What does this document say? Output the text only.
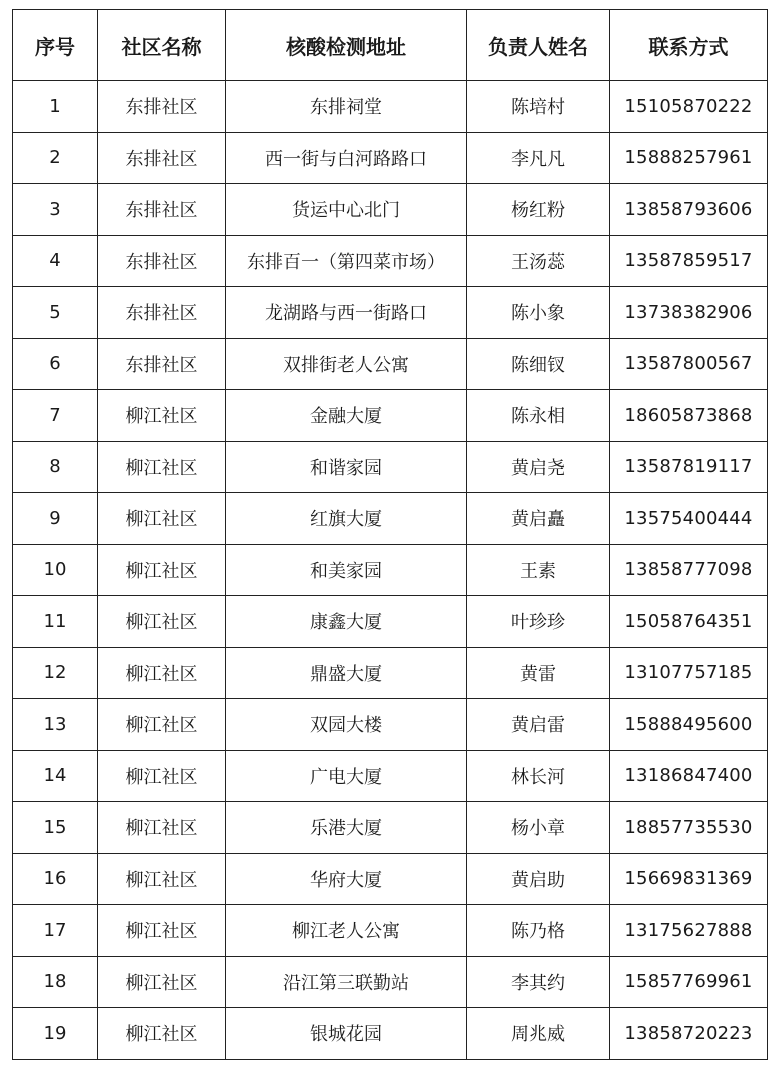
序号	社区名称	核酸检测地址	负责人姓名	联系方式
1	东排社区	东排祠堂	陈培村	15105870222
2	东排社区	西一街与白河路路口	李凡凡	15888257961
3	东排社区	货运中心北门	杨红粉	13858793606
4	东排社区	东排百一（第四菜市场）	王汤蕊	13587859517
5	东排社区	龙湖路与西一街路口	陈小象	13738382906
6	东排社区	双排街老人公寓	陈细钗	13587800567
7	柳江社区	金融大厦	陈永相	18605873868
8	柳江社区	和谐家园	黄启尧	13587819117
9	柳江社区	红旗大厦	黄启矗	13575400444
10	柳江社区	和美家园	王素	13858777098
11	柳江社区	康鑫大厦	叶珍珍	15058764351
12	柳江社区	鼎盛大厦	黄雷	13107757185
13	柳江社区	双园大楼	黄启雷	15888495600
14	柳江社区	广电大厦	林长河	13186847400
15	柳江社区	乐港大厦	杨小章	18857735530
16	柳江社区	华府大厦	黄启助	15669831369
17	柳江社区	柳江老人公寓	陈乃格	13175627888
18	柳江社区	沿江第三联勤站	李其约	15857769961
19	柳江社区	银城花园	周兆威	13858720223
